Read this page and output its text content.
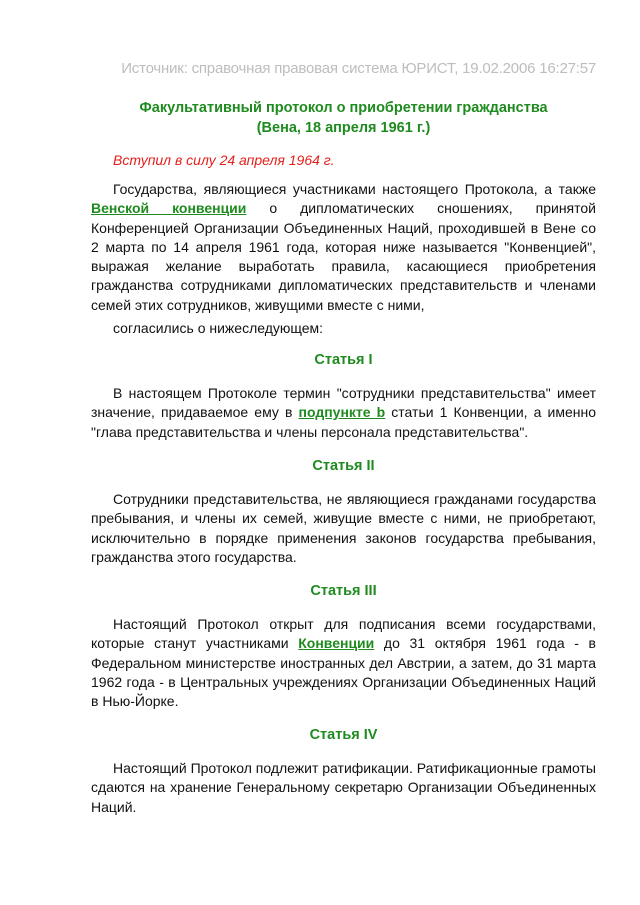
Источник: справочная правовая система ЮРИСТ, 19.02.2006 16:27:57
Факультативный протокол о приобретении гражданства
(Вена, 18 апреля 1961 г.)
Вступил в силу 24 апреля 1964 г.
Государства, являющиеся участниками настоящего Протокола, а также Венской конвенции о дипломатических сношениях, принятой Конференцией Организации Объединенных Наций, проходившей в Вене со 2 марта по 14 апреля 1961 года, которая ниже называется "Конвенцией", выражая желание выработать правила, касающиеся приобретения гражданства сотрудниками дипломатических представительств и членами семей этих сотрудников, живущими вместе с ними,
согласились о нижеследующем:
Статья I
В настоящем Протоколе термин "сотрудники представительства" имеет значение, придаваемое ему в подпункте b статьи 1 Конвенции, а именно "глава представительства и члены персонала представительства".
Статья II
Сотрудники представительства, не являющиеся гражданами государства пребывания, и члены их семей, живущие вместе с ними, не приобретают, исключительно в порядке применения законов государства пребывания, гражданства этого государства.
Статья III
Настоящий Протокол открыт для подписания всеми государствами, которые станут участниками Конвенции до 31 октября 1961 года - в Федеральном министерстве иностранных дел Австрии, а затем, до 31 марта 1962 года - в Центральных учреждениях Организации Объединенных Наций в Нью-Йорке.
Статья IV
Настоящий Протокол подлежит ратификации. Ратификационные грамоты сдаются на хранение Генеральному секретарю Организации Объединенных Наций.
